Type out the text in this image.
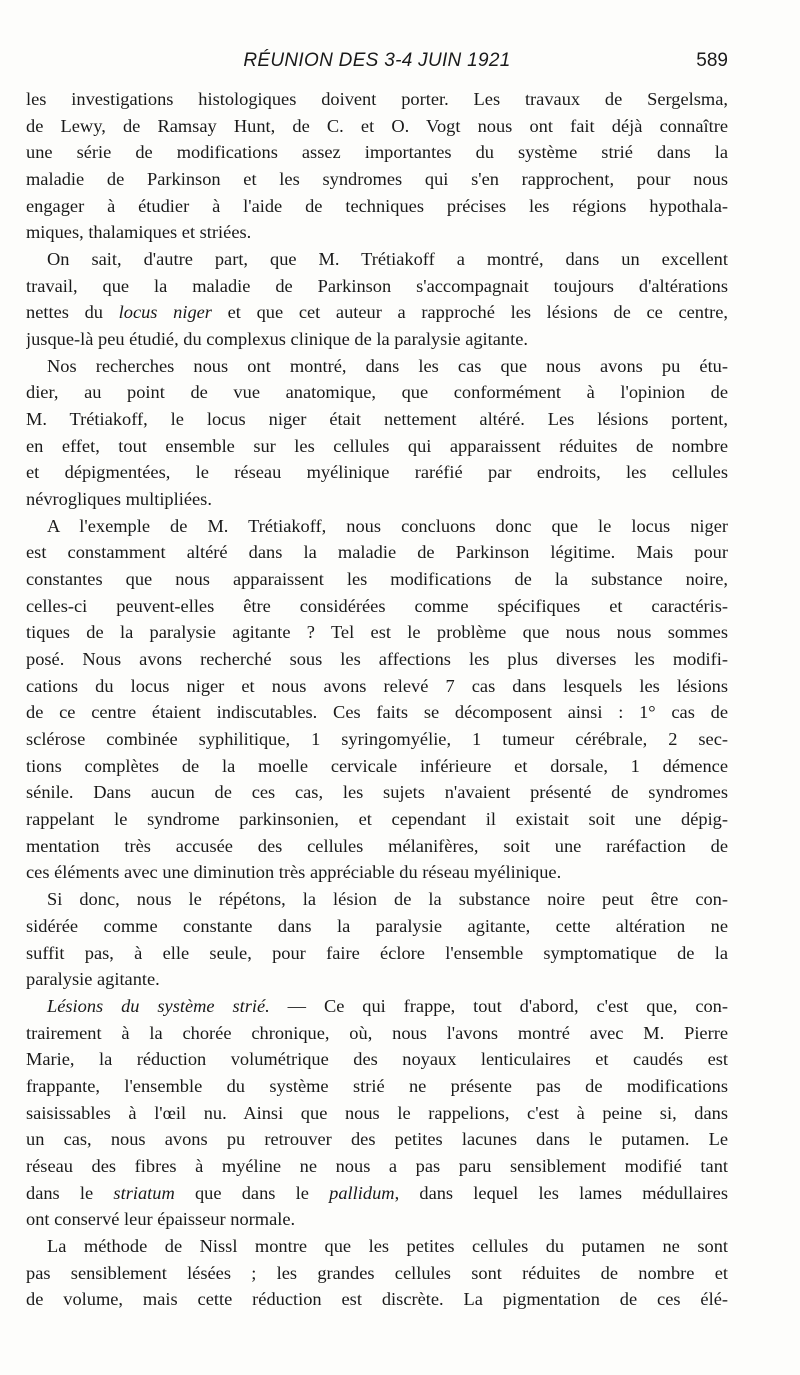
RÉUNION DES 3-4 JUIN 1921	589
les investigations histologiques doivent porter. Les travaux de Sergelsma,
de Lewy, de Ramsay Hunt, de C. et O. Vogt nous ont fait déjà connaître
une série de modifications assez importantes du système strié dans la
maladie de Parkinson et les syndromes qui s'en rapprochent, pour nous
engager à étudier à l'aide de techniques précises les régions hypothala-
miques, thalamiques et striées.
On sait, d'autre part, que M. Trétiakoff a montré, dans un excellent
travail, que la maladie de Parkinson s'accompagnait toujours d'altérations
nettes du locus niger et que cet auteur a rapproché les lésions de ce centre,
jusque-là peu étudié, du complexus clinique de la paralysie agitante.
Nos recherches nous ont montré, dans les cas que nous avons pu étu-
dier, au point de vue anatomique, que conformément à l'opinion de
M. Trétiakoff, le locus niger était nettement altéré. Les lésions portent,
en effet, tout ensemble sur les cellules qui apparaissent réduites de nombre
et dépigmentées, le réseau myélinique raréfié par endroits, les cellules
névrogliques multipliées.
A l'exemple de M. Trétiakoff, nous concluons donc que le locus niger
est constamment altéré dans la maladie de Parkinson légitime. Mais pour
constantes que nous apparaissent les modifications de la substance noire,
celles-ci peuvent-elles être considérées comme spécifiques et caractéris-
tiques de la paralysie agitante ? Tel est le problème que nous nous sommes
posé. Nous avons recherché sous les affections les plus diverses les modifi-
cations du locus niger et nous avons relevé 7 cas dans lesquels les lésions
de ce centre étaient indiscutables. Ces faits se décomposent ainsi : 1° cas de
sclérose combinée syphilitique, 1 syringomyélie, 1 tumeur cérébrale, 2 sec-
tions complètes de la moelle cervicale inférieure et dorsale, 1 démence
sénile. Dans aucun de ces cas, les sujets n'avaient présenté de syndromes
rappelant le syndrome parkinsonien, et cependant il existait soit une dépig-
mentation très accusée des cellules mélanifères, soit une raréfaction de
ces éléments avec une diminution très appréciable du réseau myélinique.
Si donc, nous le répétons, la lésion de la substance noire peut être con-
sidérée comme constante dans la paralysie agitante, cette altération ne
suffit pas, à elle seule, pour faire éclore l'ensemble symptomatique de la
paralysie agitante.
Lésions du système strié. — Ce qui frappe, tout d'abord, c'est que, con-
trairement à la chorée chronique, où, nous l'avons montré avec M. Pierre
Marie, la réduction volumétrique des noyaux lenticulaires et caudés est
frappante, l'ensemble du système strié ne présente pas de modifications
saisissables à l'œil nu. Ainsi que nous le rappelions, c'est à peine si, dans
un cas, nous avons pu retrouver des petites lacunes dans le putamen. Le
réseau des fibres à myéline ne nous a pas paru sensiblement modifié tant
dans le striatum que dans le pallidum, dans lequel les lames médullaires
ont conservé leur épaisseur normale.
La méthode de Nissl montre que les petites cellules du putamen ne sont
pas sensiblement lésées ; les grandes cellules sont réduites de nombre et
de volume, mais cette réduction est discrète. La pigmentation de ces élé-
